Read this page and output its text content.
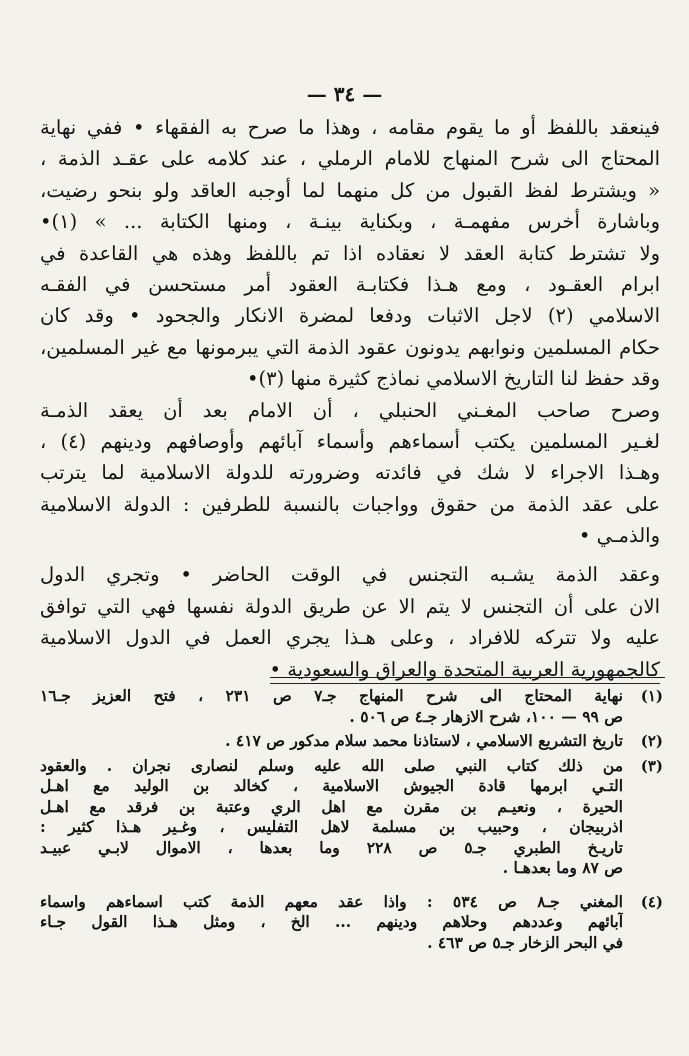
— ٣٤ —
فينعقد باللفظ أو ما يقوم مقامه ، وهذا ما صرح به الفقهاء • ففي نهاية
المحتاج الى شرح المنهاج للامام الرملي ، عند كلامه على عقـد الذمة ،
« ويشترط لفظ القبول من كل منهما لما أوجبه العاقد ولو بنحو رضيت،
وباشارة أخرس مفهمـة ، وبكناية بينـة ، ومنها الكتابة ... » (١)•
ولا تشترط كتابة العقد لا نعقاده اذا تم باللفظ وهذه هي القاعدة في
ابرام العقـود ، ومع هـذا فكتابـة العقود أمر مستحسن في الفقـه
الاسلامي (٢) لاجل الاثبات ودفعا لمضرة الانكار والجحود • وقد كان
حكام المسلمين ونوابهم يدونون عقود الذمة التي يبرمونها مع غير المسلمين،
وقد حفظ لنا التاريخ الاسلامي نماذج كثيرة منها (٣)•
وصرح صاحب المغـني الحنبلي ، أن الامام بعد أن يعقد الذمـة
لغـير المسلمين يكتب أسماءهم وأسماء آبائهم وأوصافهم ودينهم (٤) ،
وهـذا الاجراء لا شك في فائدته وضرورته للدولة الاسلامية لما يترتب
على عقد الذمة من حقوق وواجبات بالنسبة للطرفين : الدولة الاسلامية
والذمـي •
وعقد الذمة يشـبه التجنس في الوقت الحاضر • وتجري الدول
الان على أن التجنس لا يتم الا عن طريق الدولة نفسها فهي التي توافق
عليه ولا تتركه للافراد ، وعلى هـذا يجري العمل في الدول الاسلامية
كالجمهورية العربية المتحدة والعراق والسعودية •
(١)
نهاية المحتاج الى شرح المنهاج جـ٧ ص ٢٣١ ، فتح العزيز جـ١٦
ص ٩٩ — ١٠٠، شرح الازهار جـ٤ ص ٥٠٦ .
(٢)
تاريخ التشريع الاسلامي ، لاستاذنا محمد سلام مدكور ص ٤١٧ .
(٣)
من ذلك كتاب النبي صلى الله عليه وسلم لنصارى نجران . والعقود
التـي ابرمها قادة الجيوش الاسلامية ، كخالد بن الوليد مع اهـل
الحيرة ، ونعيـم بن مقرن مع اهل الري وعتبة بن فرقد مع اهـل
اذربيجان ، وحبيب بن مسلمة لاهل التفليس ، وغـير هـذا كثير :
تاريـخ الطبري جـ٥ ص ٢٢٨ وما بعدها ، الاموال لابـي عبيـد
ص ٨٧ وما بعدهـا .
(٤)
المغني جـ٨ ص ٥٣٤ : واذا عقد معهم الذمة كتب اسماءهم واسماء
آبائهم وعددهم وحلاهم ودينهم ... الخ ، ومثل هـذا القول جـاء
في البحر الزخار جـ٥ ص ٤٦٣ .
